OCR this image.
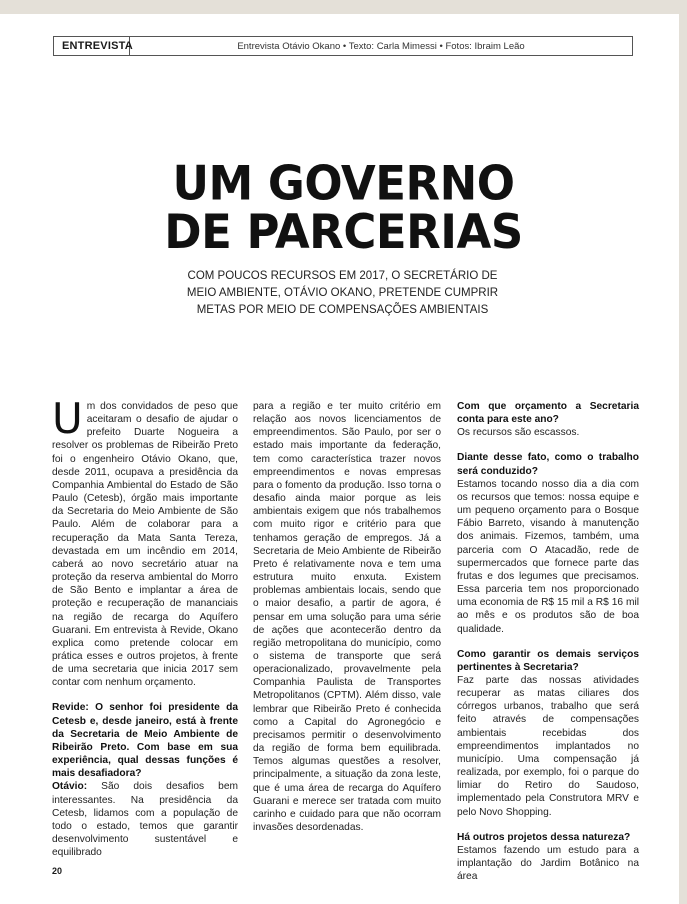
ENTREVISTA	Entrevista Otávio Okano • Texto: Carla Mimessi • Fotos: Ibraim Leão
UM GOVERNO
DE PARCERIAS
COM POUCOS RECURSOS EM 2017, O SECRETÁRIO DE
MEIO AMBIENTE, OTÁVIO OKANO, PRETENDE CUMPRIR
METAS POR MEIO DE COMPENSAÇÕES AMBIENTAIS

Um dos convidados de peso que aceitaram o desafio de ajudar o prefeito Duarte Nogueira a resolver os problemas de Ribeirão Preto foi o engenheiro Otávio Okano, que, desde 2011, ocupava a presidência da Companhia Ambiental do Estado de São Paulo (Cetesb), órgão mais importante da Secretaria do Meio Ambiente de São Paulo. Além de colaborar para a recuperação da Mata Santa Tereza, devastada em um incêndio em 2014, caberá ao novo secretário atuar na proteção da reserva ambiental do Morro de São Bento e implantar a área de proteção e recuperação de mananciais na região de recarga do Aquífero Guarani. Em entrevista à Revide, Okano explica como pretende colocar em prática esses e outros projetos, à frente de uma secretaria que inicia 2017 sem contar com nenhum orçamento.

Revide: O senhor foi presidente da Cetesb e, desde janeiro, está à frente da Secretaria de Meio Ambiente de Ribeirão Preto. Com base em sua experiência, qual dessas funções é mais desafiadora?

Otávio: São dois desafios bem interessantes. Na presidência da Cetesb, lidamos com a população de todo o estado, temos que garantir desenvolvimento sustentável e equilibrado

para a região e ter muito critério em relação aos novos licenciamentos de empreendimentos. São Paulo, por ser o estado mais importante da federação, tem como característica trazer novos empreendimentos e novas empresas para o fomento da produção. Isso torna o desafio ainda maior porque as leis ambientais exigem que nós trabalhemos com muito rigor e critério para que tenhamos geração de empregos. Já a Secretaria de Meio Ambiente de Ribeirão Preto é relativamente nova e tem uma estrutura muito enxuta. Existem problemas ambientais locais, sendo que o maior desafio, a partir de agora, é pensar em uma solução para uma série de ações que acontecerão dentro da região metropolitana do município, como o sistema de transporte que será operacionalizado, provavelmente pela Companhia Paulista de Transportes Metropolitanos (CPTM). Além disso, vale lembrar que Ribeirão Preto é conhecida como a Capital do Agronegócio e precisamos permitir o desenvolvimento da região de forma bem equilibrada. Temos algumas questões a resolver, principalmente, a situação da zona leste, que é uma área de recarga do Aquífero Guarani e merece ser tratada com muito carinho e cuidado para que não ocorram invasões desordenadas.

Com que orçamento a Secretaria conta para este ano?

Os recursos são escassos.

Diante desse fato, como o trabalho será conduzido?

Estamos tocando nosso dia a dia com os recursos que temos: nossa equipe e um pequeno orçamento para o Bosque Fábio Barreto, visando à manutenção dos animais. Fizemos, também, uma parceria com O Atacadão, rede de supermercados que fornece parte das frutas e dos legumes que precisamos. Essa parceria tem nos proporcionado uma economia de R$ 15 mil a R$ 16 mil ao mês e os produtos são de boa qualidade.

Como garantir os demais serviços pertinentes à Secretaria?

Faz parte das nossas atividades recuperar as matas ciliares dos córregos urbanos, trabalho que será feito através de compensações ambientais recebidas dos empreendimentos implantados no município. Uma compensação já realizada, por exemplo, foi o parque do limiar do Retiro do Saudoso, implementado pela Construtora MRV e pelo Novo Shopping.

Há outros projetos dessa natureza?

Estamos fazendo um estudo para a implantação do Jardim Botânico na área

20
